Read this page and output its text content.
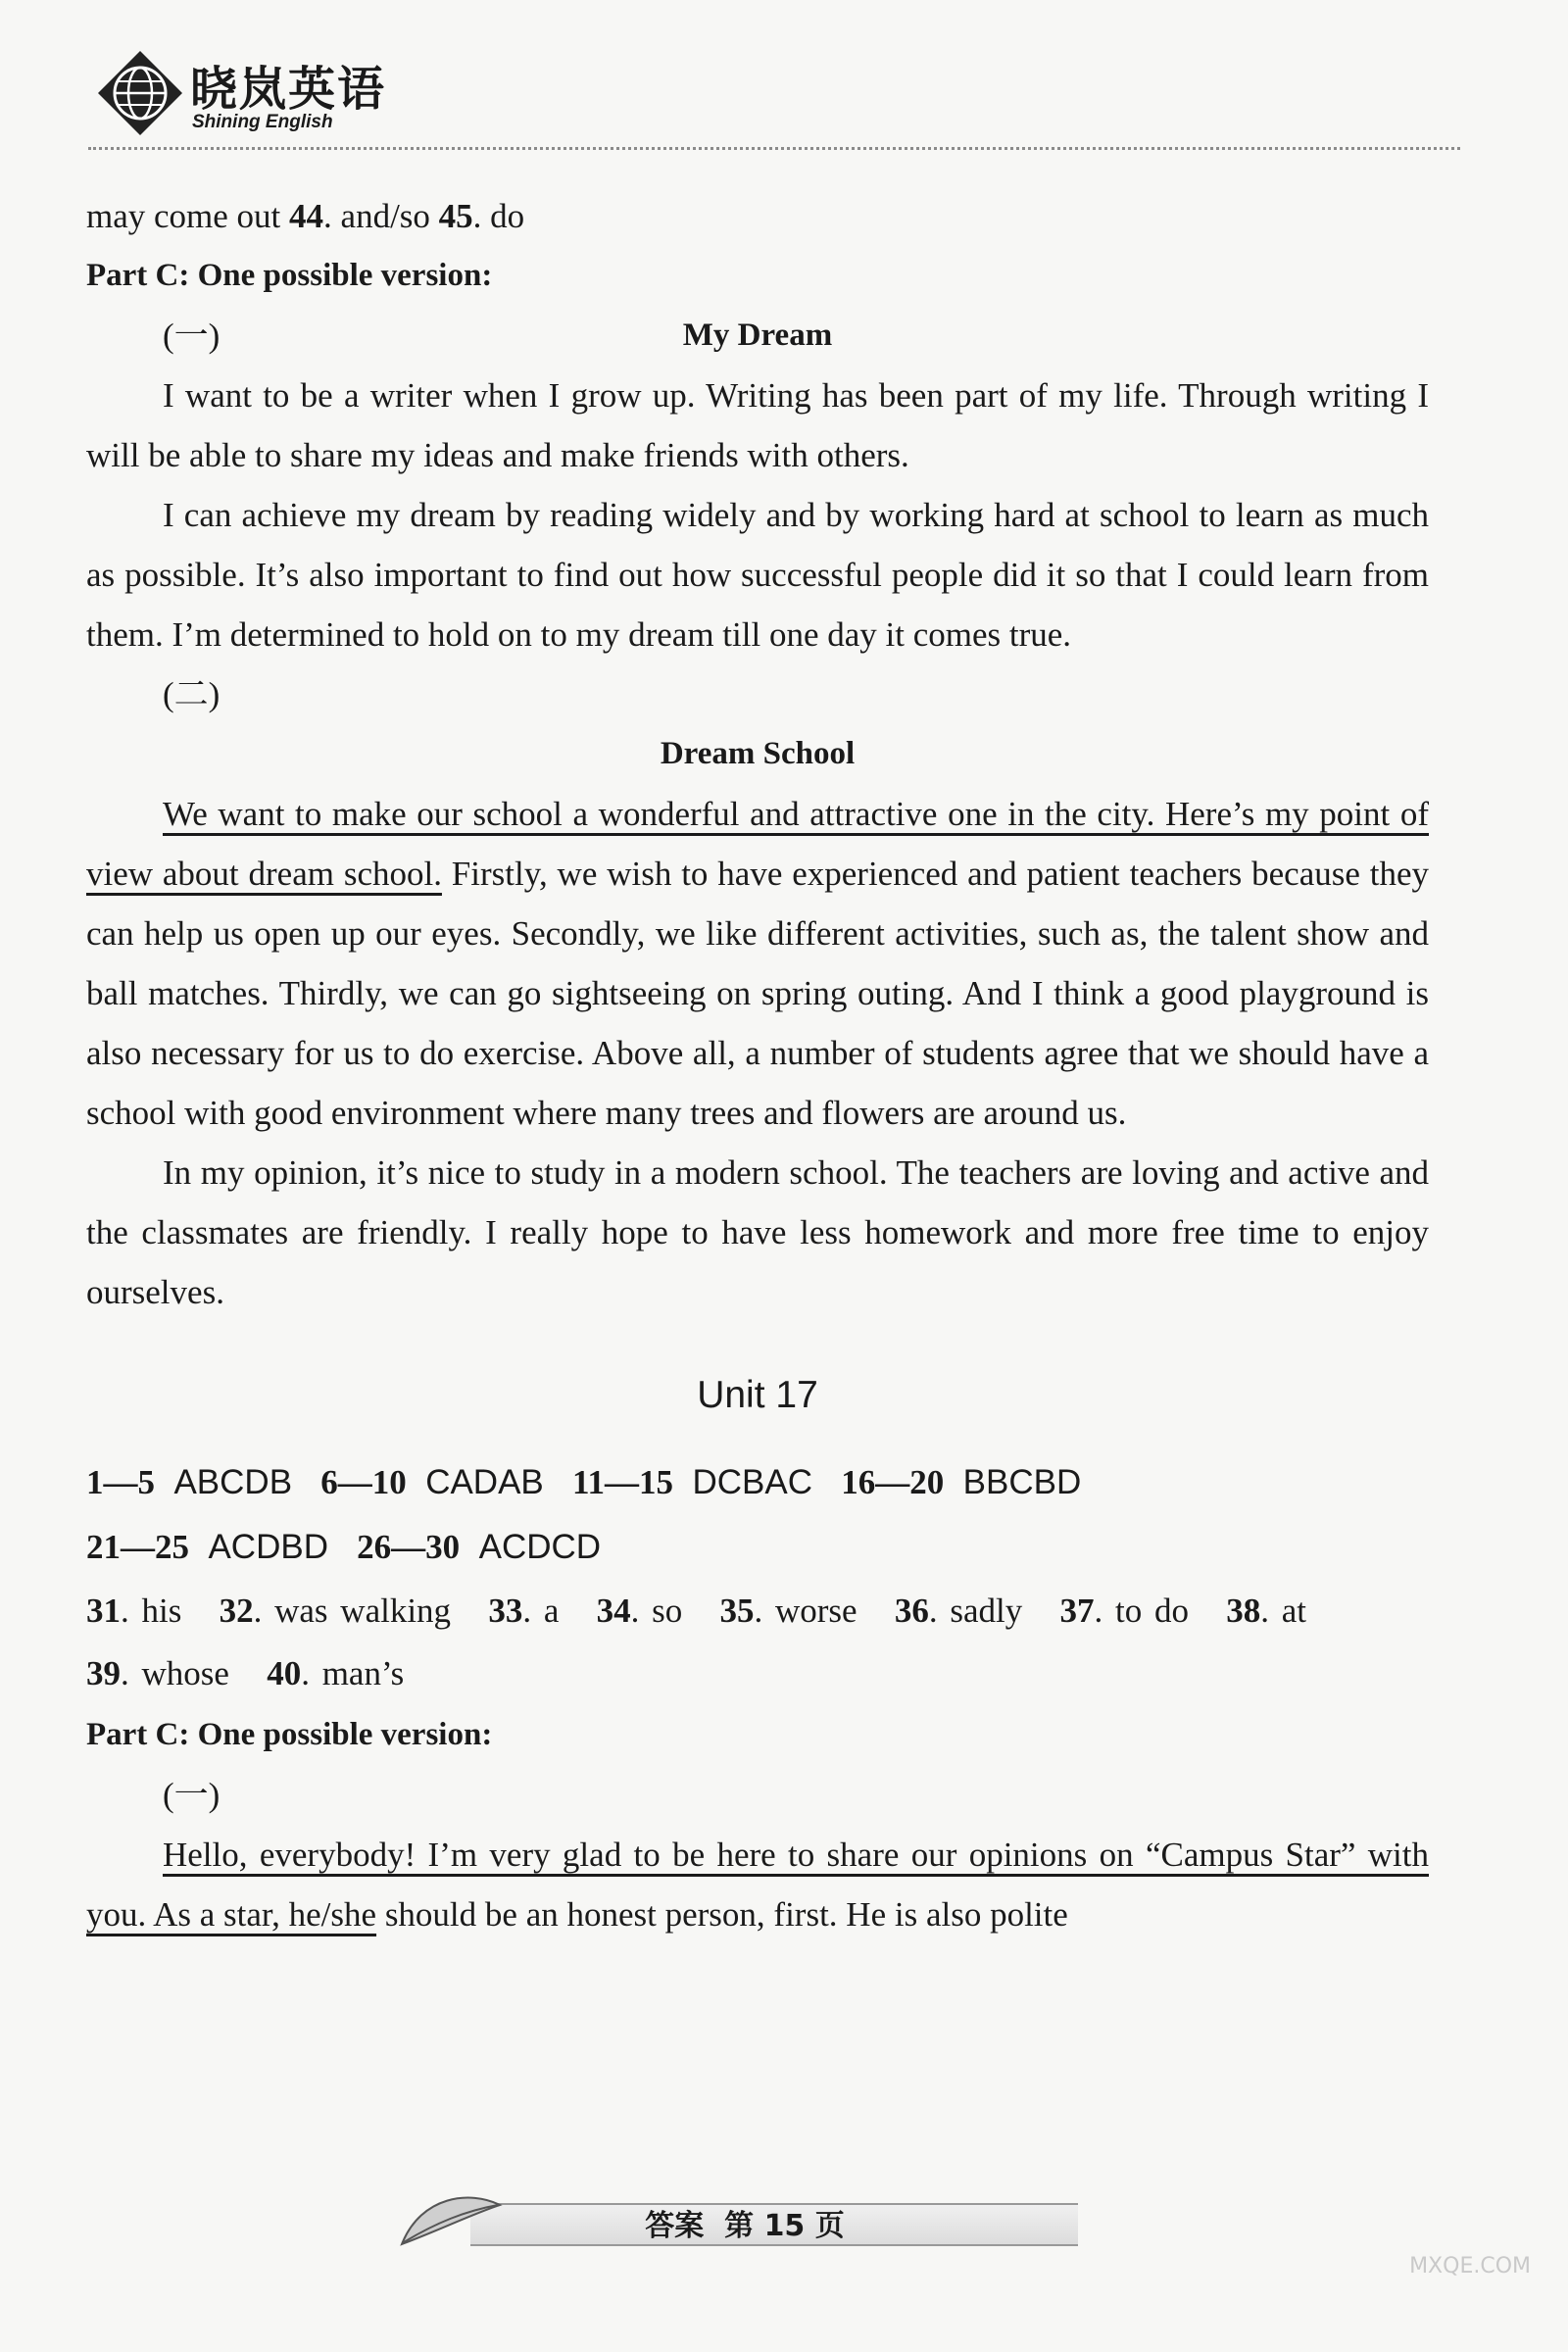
晓岚英语
Shining English

may come out 44. and/so 45. do

Part C: One possible version:

(一)	My Dream

I want to be a writer when I grow up. Writing has been part of my life. Through writing I will be able to share my ideas and make friends with others.

I can achieve my dream by reading widely and by working hard at school to learn as much as possible. It’s also important to find out how successful people did it so that I could learn from them. I’m determined to hold on to my dream till one day it comes true.

(二)

Dream School

We want to make our school a wonderful and attractive one in the city. Here’s my point of view about dream school. Firstly, we wish to have experienced and patient teachers because they can help us open up our eyes. Secondly, we like different activities, such as, the talent show and ball matches. Thirdly, we can go sightseeing on spring outing. And I think a good playground is also necessary for us to do exercise. Above all, a number of students agree that we should have a school with good environment where many trees and flowers are around us.

In my opinion, it’s nice to study in a modern school. The teachers are loving and active and the classmates are friendly. I really hope to have less homework and more free time to enjoy ourselves.

Unit 17

1—5 ABCDB 6—10 CADAB 11—15 DCBAC 16—20 BBCBD

21—25 ACDBD 26—30 ACDCD

31. his 32. was walking 33. a 34. so 35. worse 36. sadly 37. to do 38. at
39. whose 40. man’s

Part C: One possible version:

(一)

Hello, everybody! I’m very glad to be here to share our opinions on “Campus Star” with you. As a star, he/she should be an honest person, first. He is also polite

答案 第 15 页
MXQE.COM
